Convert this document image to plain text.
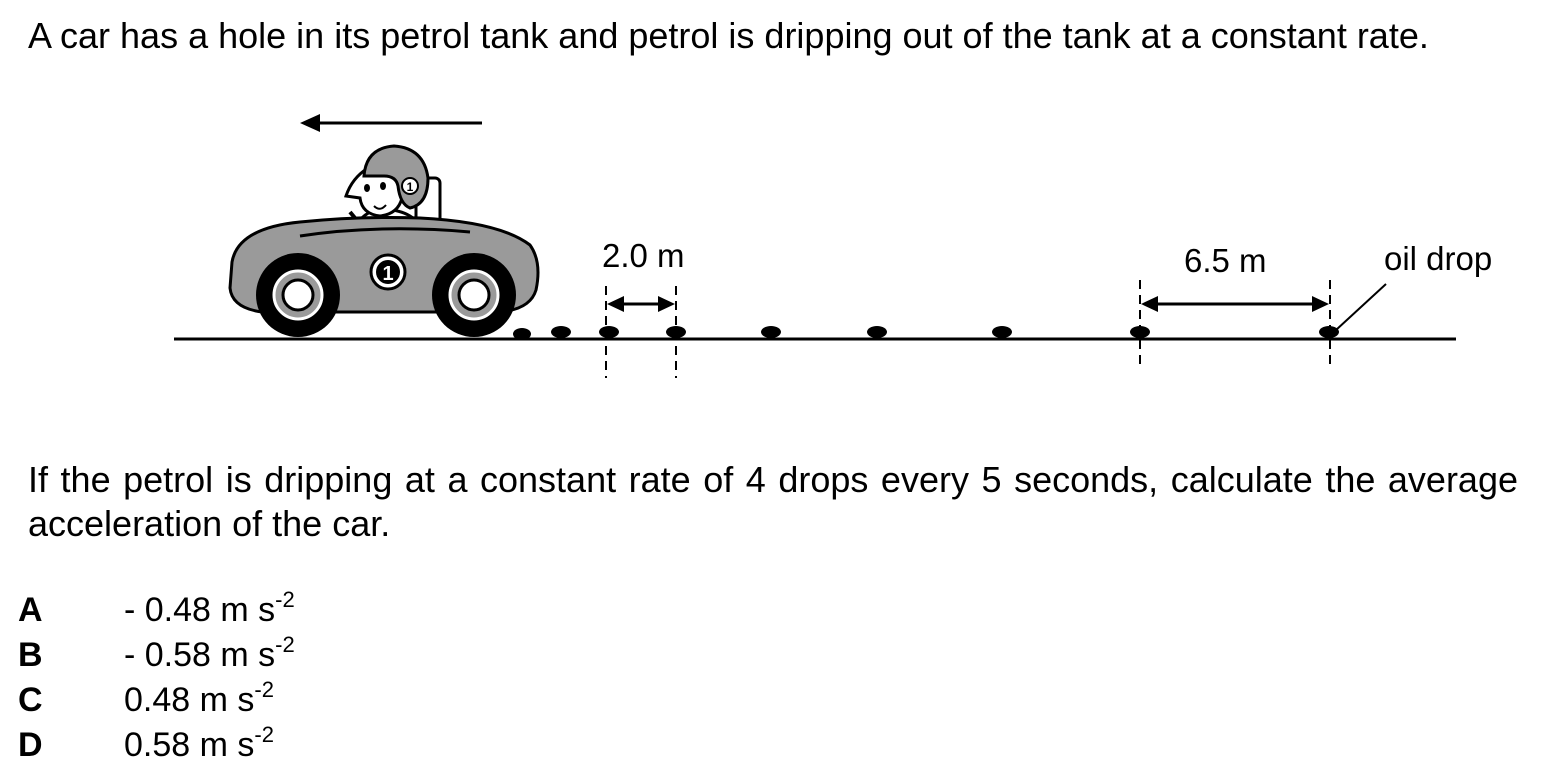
A car has a hole in its petrol tank and petrol is dripping out of the tank at a constant rate.
1
1	2.0 m	6.5 m	oil drop
If the petrol is dripping at a constant rate of 4 drops every 5 seconds, calculate the average acceleration of the car.
A - 0.48 m $s^{-2}$
B - 0.58 m $s^{-2}$
C 0.48 m $s^{-2}$
D 0.58 m $s^{-2}$
